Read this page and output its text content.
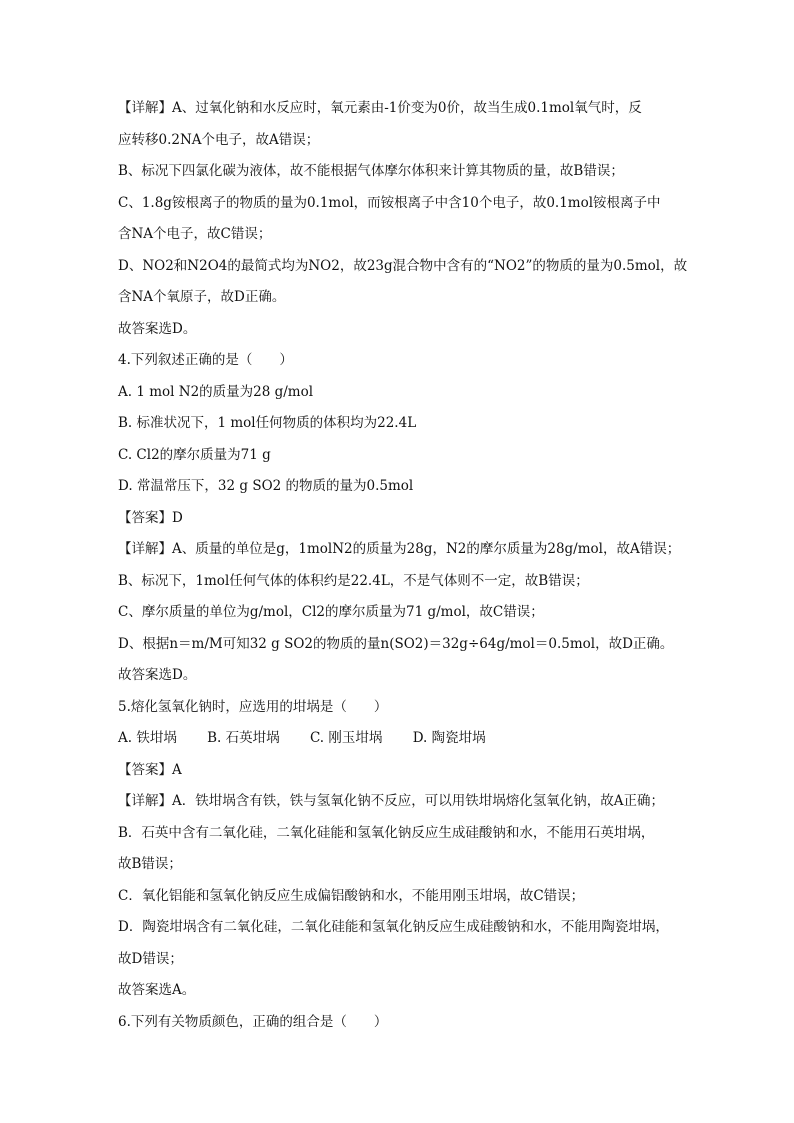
【详解】A、过氧化钠和水反应时，氧元素由-1价变为0价，故当生成0.1mol氧气时，反
应转移0.2NA个电子，故A错误；
B、标况下四氯化碳为液体，故不能根据气体摩尔体积来计算其物质的量，故B错误；
C、1.8g铵根离子的物质的量为0.1mol，而铵根离子中含10个电子，故0.1mol铵根离子中
含NA个电子，故C错误；
D、NO2和N2O4的最简式均为NO2，故23g混合物中含有的“NO2”的物质的量为0.5mol，故
含NA个氧原子，故D正确。
故答案选D。
4.下列叙述正确的是（　　）
A. 1 mol N2的质量为28 g/mol
B. 标准状况下，1 mol任何物质的体积均为22.4L
C. Cl2的摩尔质量为71 g
D. 常温常压下，32 g SO2 的物质的量为0.5mol
【答案】D
【详解】A、质量的单位是g，1molN2的质量为28g，N2的摩尔质量为28g/mol，故A错误；
B、标况下，1mol任何气体的体积约是22.4L，不是气体则不一定，故B错误；
C、摩尔质量的单位为g/mol，Cl2的摩尔质量为71 g/mol，故C错误；
D、根据n＝m/M可知32 g SO2的物质的量n(SO2)＝32g÷64g/mol＝0.5mol，故D正确。
故答案选D。
5.熔化氢氧化钠时，应选用的坩埚是（　　）
A. 铁坩埚 B. 石英坩埚 C. 刚玉坩埚 D. 陶瓷坩埚
【答案】A
【详解】A．铁坩埚含有铁，铁与氢氧化钠不反应，可以用铁坩埚熔化氢氧化钠，故A正确；
B．石英中含有二氧化硅，二氧化硅能和氢氧化钠反应生成硅酸钠和水，不能用石英坩埚，
故B错误；
C．氧化铝能和氢氧化钠反应生成偏铝酸钠和水，不能用刚玉坩埚，故C错误；
D．陶瓷坩埚含有二氧化硅，二氧化硅能和氢氧化钠反应生成硅酸钠和水，不能用陶瓷坩埚，
故D错误；
故答案选A。
6.下列有关物质颜色，正确的组合是（　　）
